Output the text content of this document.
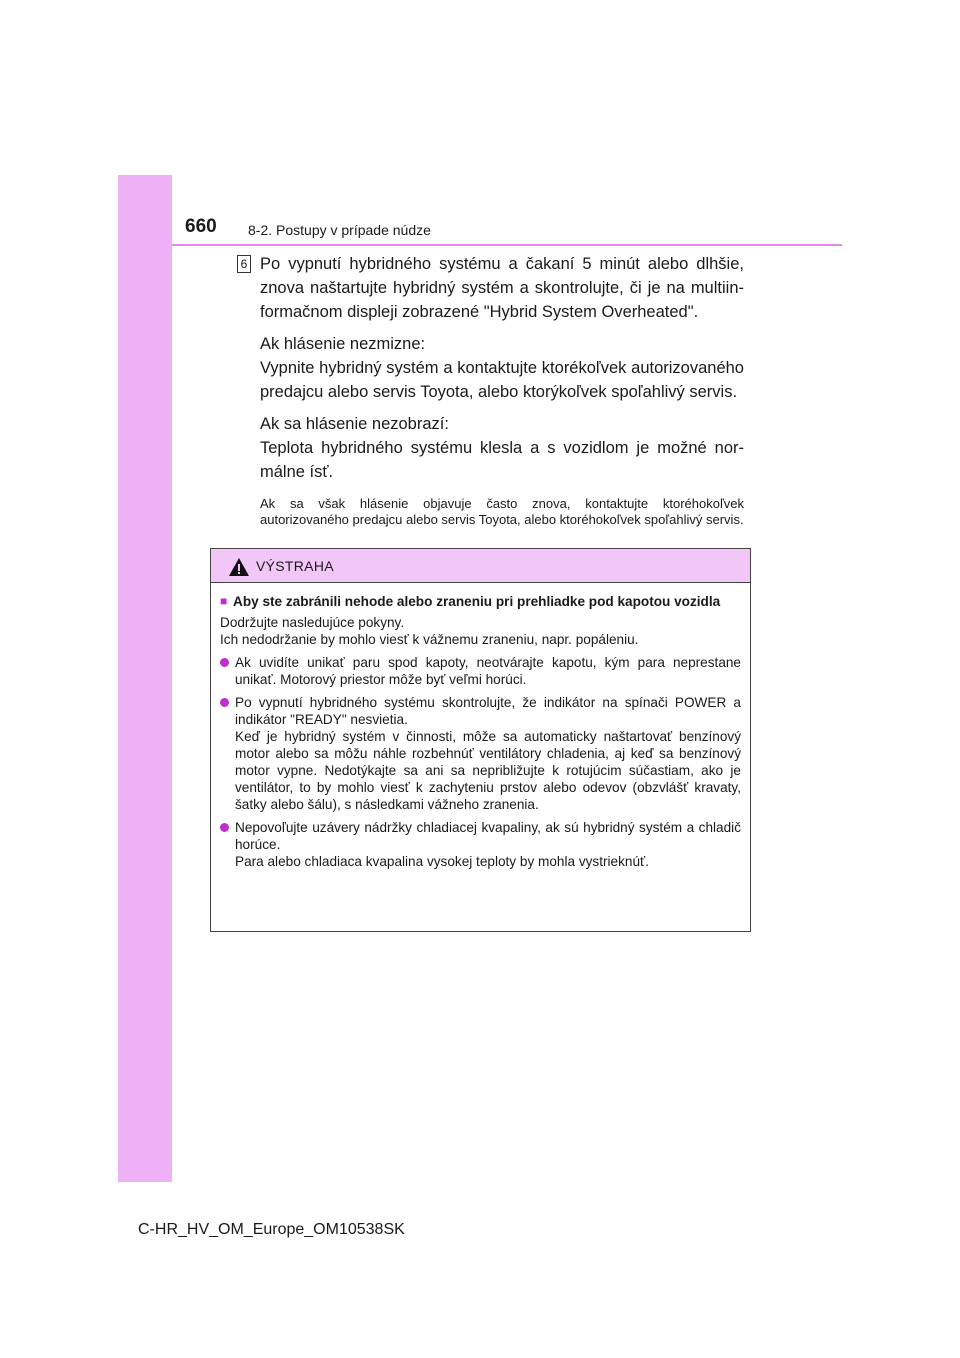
660 8-2. Postupy v prípade núdze
6 Po vypnutí hybridného systému a čakaní 5 minút alebo dlhšie, znova naštartujte hybridný systém a skontrolujte, či je na multiinformačnom displeji zobrazené "Hybrid System Overheated".

Ak hlásenie nezmizne:

Vypnite hybridný systém a kontaktujte ktorékoľvek autorizovaného predajcu alebo servis Toyota, alebo ktorýkoľvek spoľahlivý servis.

Ak sa hlásenie nezobrazí:

Teplota hybridného systému klesla a s vozidlom je možné normálne ísť.

Ak sa však hlásenie objavuje často znova, kontaktujte ktoréhokoľvek autorizovaného predajcu alebo servis Toyota, alebo ktoréhokoľvek spoľahlivý servis.

VÝSTRAHA
■ Aby ste zabránili nehode alebo zraneniu pri prehliadke pod kapotou vozidla

Dodržujte nasledujúce pokyny.

Ich nedodržanie by mohlo viesť k vážnemu zraneniu, napr. popáleniu.

Ak uvidíte unikať paru spod kapoty, neotvárajte kapotu, kým para neprestane unikať. Motorový priestor môže byť veľmi horúci.

Po vypnutí hybridného systému skontrolujte, že indikátor na spínači POWER a indikátor "READY" nesvietia.

Keď je hybridný systém v činnosti, môže sa automaticky naštartovať benzínový motor alebo sa môžu náhle rozbehnúť ventilátory chladenia, aj keď sa benzínový motor vypne. Nedotýkajte sa ani sa nepribližujte k rotujúcim súčastiam, ako je ventilátor, to by mohlo viesť k zachyteniu prstov alebo odevov (obzvlášť kravaty, šatky alebo šálu), s následkami vážneho zranenia.

Nepovoľujte uzávery nádržky chladiacej kvapaliny, ak sú hybridný systém a chladič horúce.

Para alebo chladiaca kvapalina vysokej teploty by mohla vystrieknúť.

C-HR_HV_OM_Europe_OM10538SK
